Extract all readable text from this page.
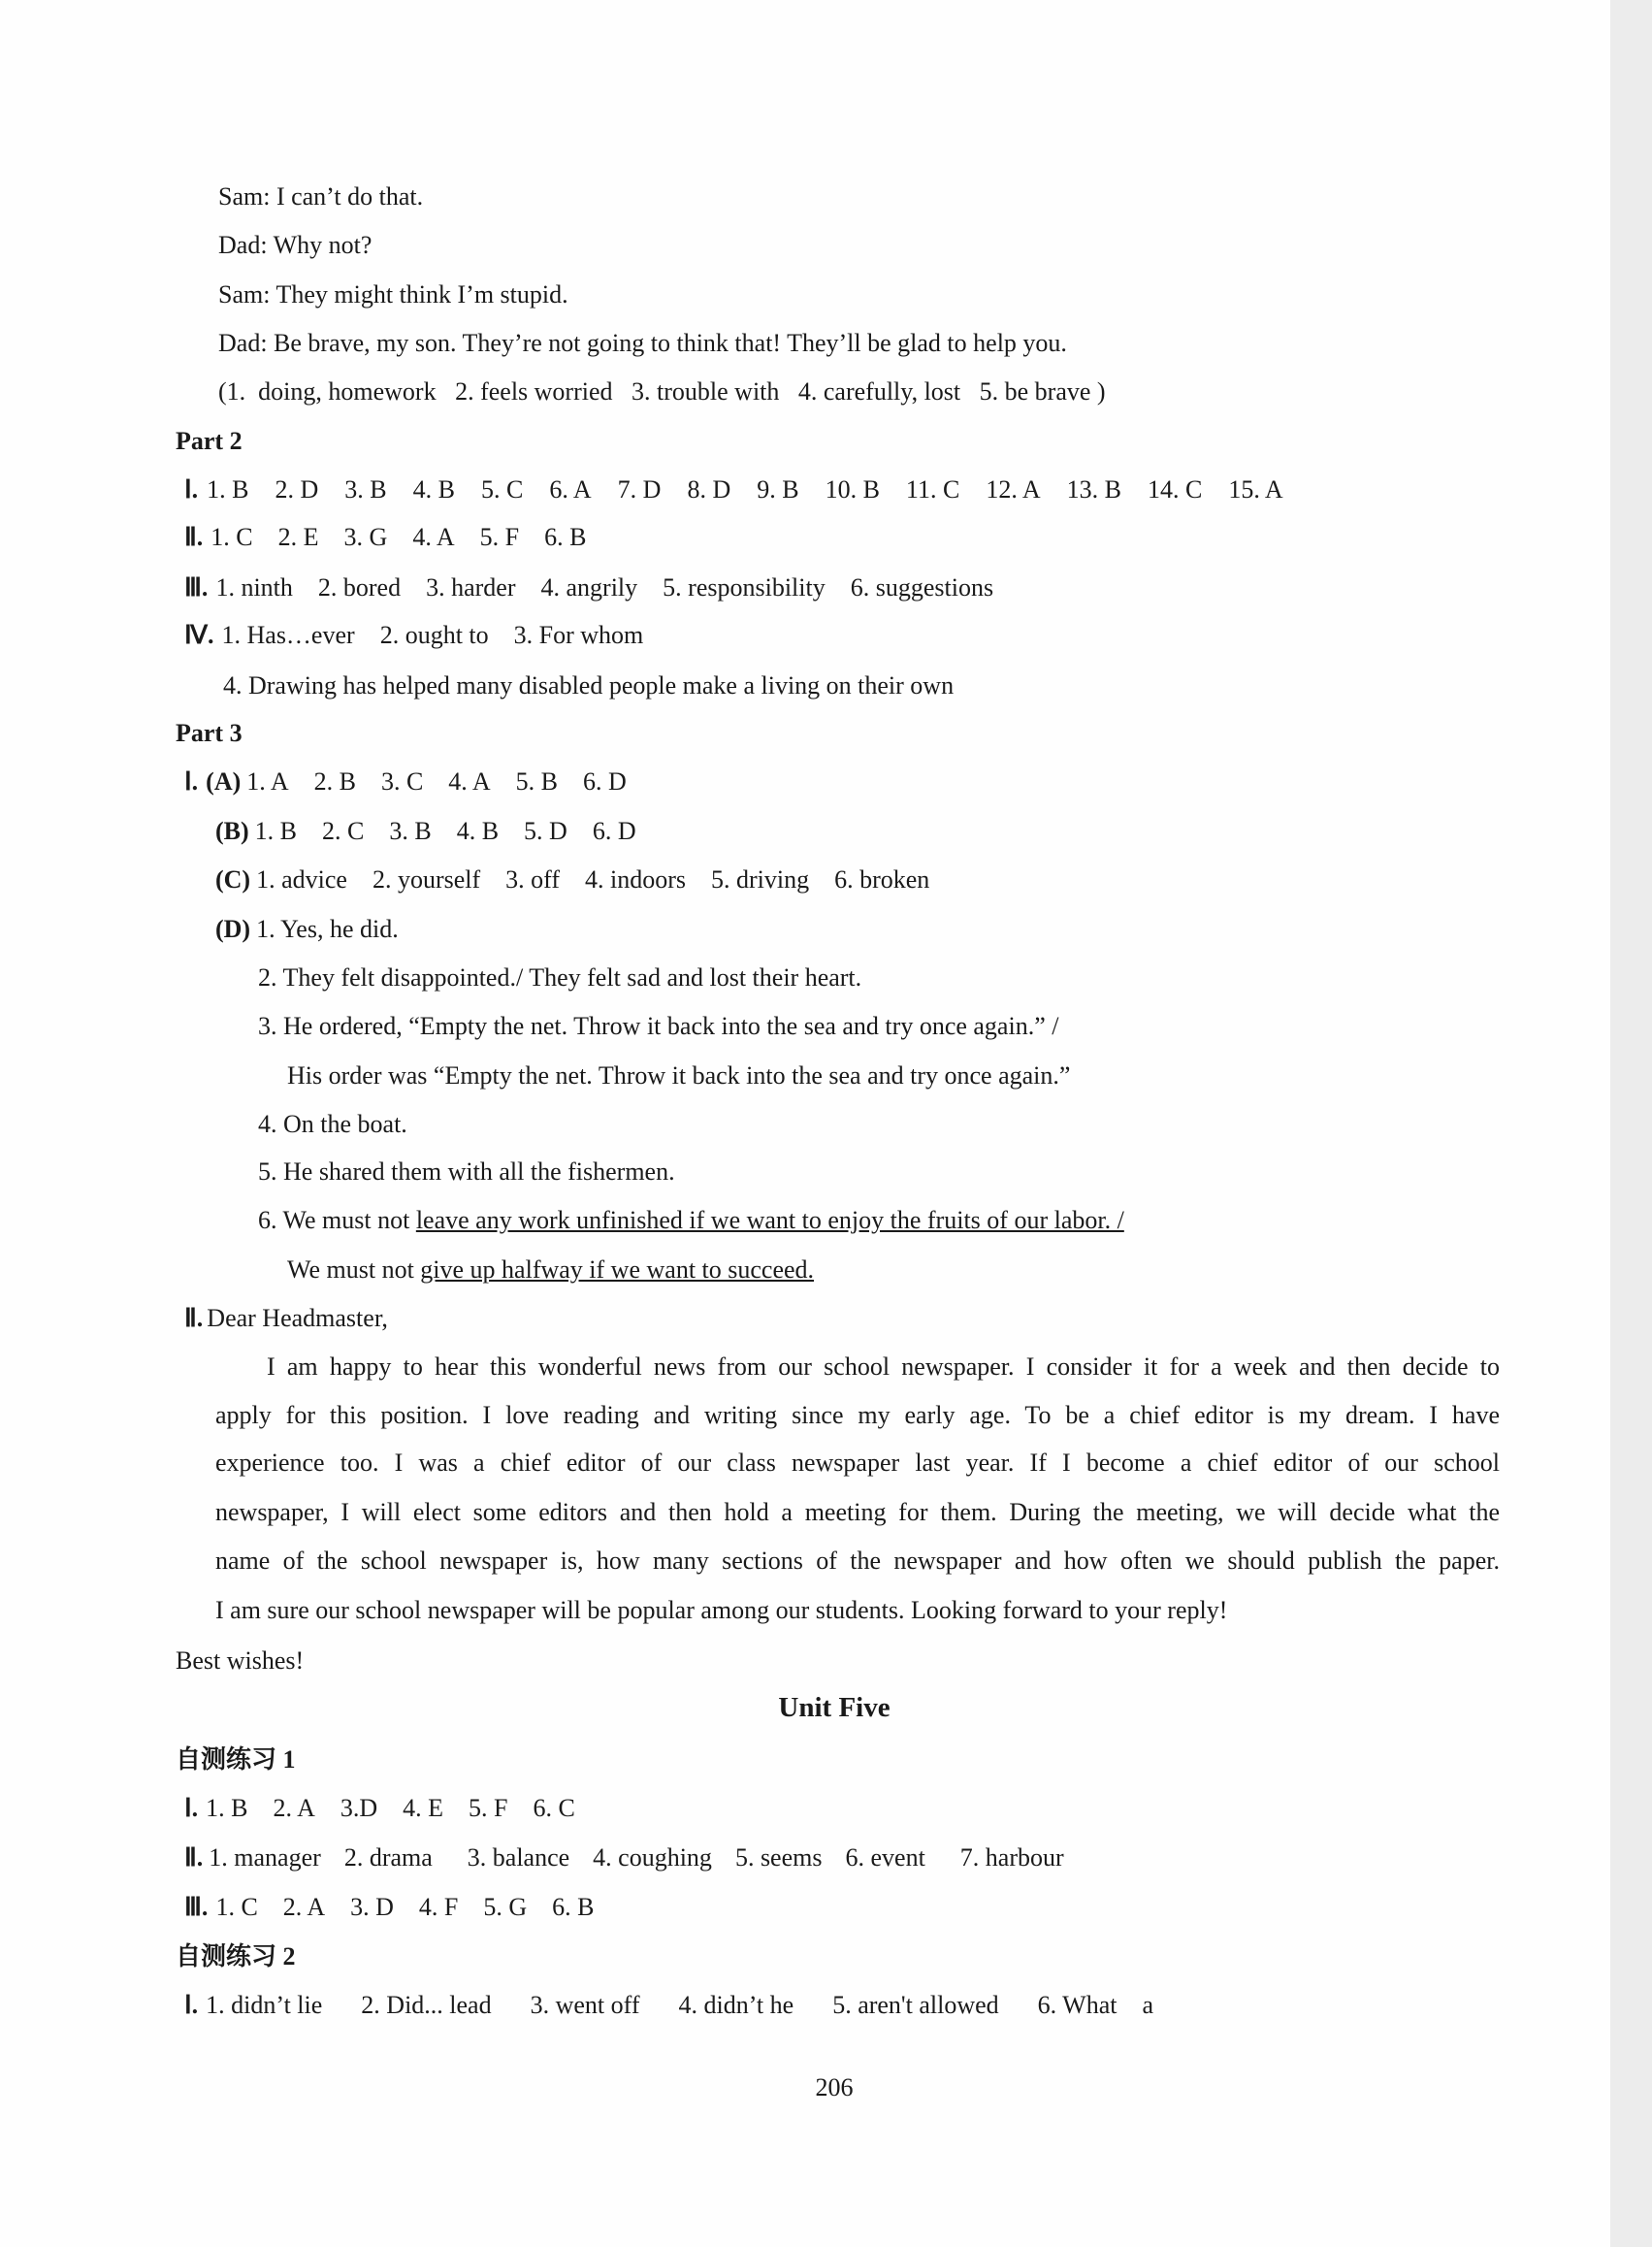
Sam: I can’t do that.
Dad: Why not?
Sam: They might think I’m stupid.
Dad: Be brave, my son. They’re not going to think that! They’ll be glad to help you.
(1.  doing, homework   2. feels worried   3. trouble with   4. carefully, lost   5. be brave )
Part 2
Ⅰ. 1. B 2. D 3. B 4. B 5. C 6. A 7. D 8. D 9. B 10. B 11. C 12. A 13. B 14. C 15. A
Ⅱ. 1. C 2. E 3. G 4. A 5. F 6. B
Ⅲ. 1. ninth 2. bored 3. harder 4. angrily 5. responsibility 6. suggestions
Ⅳ. 1. Has…ever 2. ought to 3. For whom
4. Drawing has helped many disabled people make a living on their own
Part 3
Ⅰ. (A) 1. A 2. B 3. C 4. A 5. B 6. D
(B) 1. B 2. C 3. B 4. B 5. D 6. D
(C) 1. advice 2. yourself 3. off 4. indoors 5. driving 6. broken
(D) 1. Yes, he did.
2. They felt disappointed./ They felt sad and lost their heart.
3. He ordered, “Empty the net. Throw it back into the sea and try once again.” /
His order was “Empty the net. Throw it back into the sea and try once again.”
4. On the boat.
5. He shared them with all the fishermen.
6. We must not leave any work unfinished if we want to enjoy the fruits of our labor. /
We must not give up halfway if we want to succeed.
Ⅱ. Dear Headmaster,
I am happy to hear this wonderful news from our school newspaper. I consider it for a week and then decide to
apply for this position. I love reading and writing since my early age. To be a chief editor is my dream. I have
experience too. I was a chief editor of our class newspaper last year. If I become a chief editor of our school
newspaper, I will elect some editors and then hold a meeting for them. During the meeting, we will decide what the
name of the school newspaper is, how many sections of the newspaper and how often we should publish the paper.
I am sure our school newspaper will be popular among our students. Looking forward to your reply!
Best wishes!
Unit Five
自测练习 1
Ⅰ. 1. B 2. A 3.D 4. E 5. F 6. C
Ⅱ. 1. manager 2. drama 3. balance 4. coughing 5. seems 6. event 7. harbour
Ⅲ. 1. C 2. A 3. D 4. F 5. G 6. B
自测练习 2
Ⅰ. 1. didn’t lie 2. Did... lead 3. went off 4. didn’t he 5. aren't allowed 6. What    a
206
